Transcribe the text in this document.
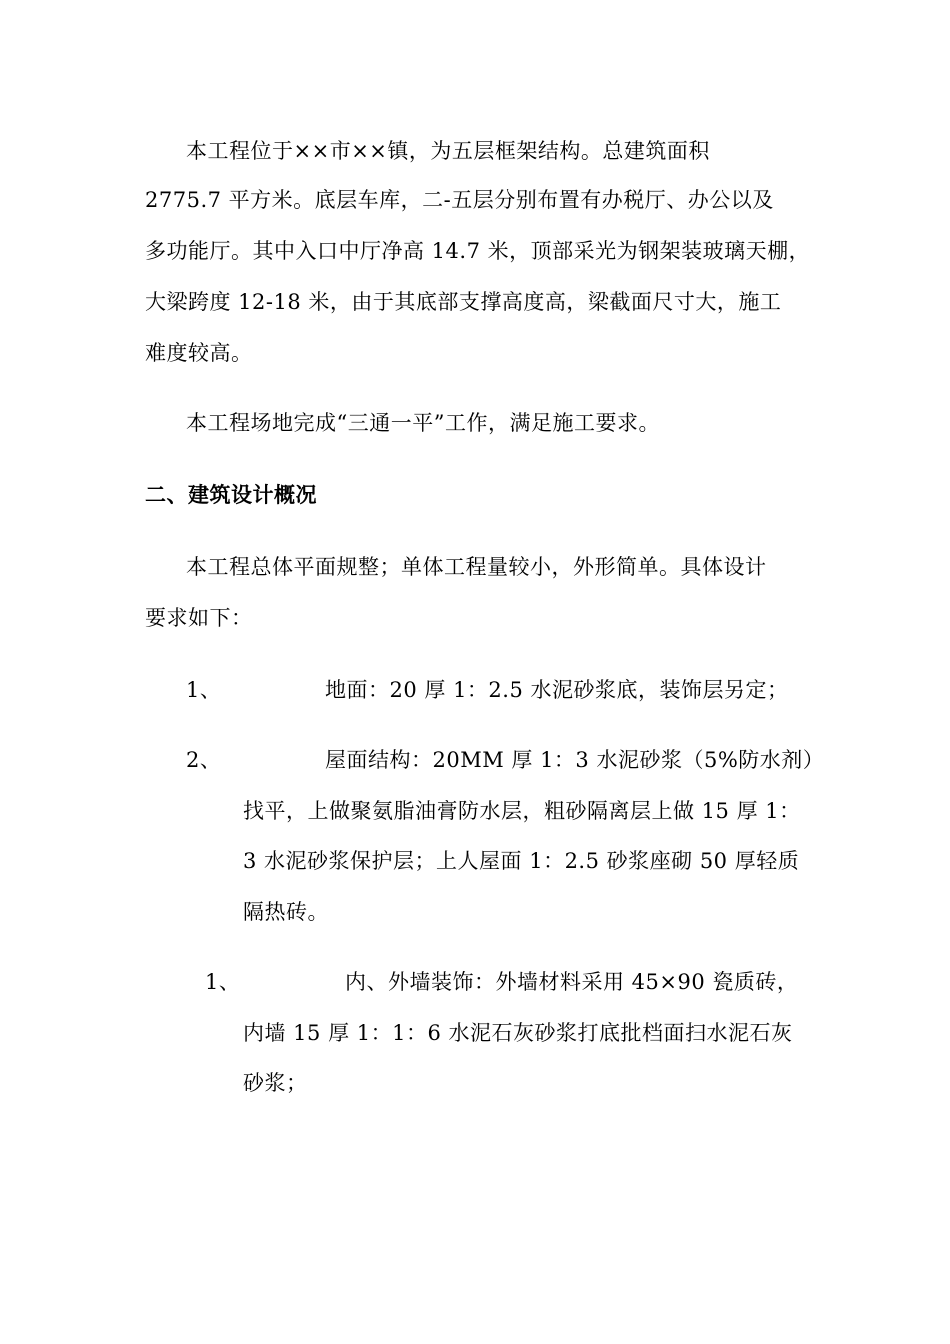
本工程位于××市××镇，为五层框架结构。总建筑面积
2775.7 平方米。底层车库，二-五层分别布置有办税厅、办公以及
多功能厅。其中入口中厅净高 14.7 米，顶部采光为钢架装玻璃天棚，
大梁跨度 12-18 米，由于其底部支撑高度高，梁截面尺寸大，施工
难度较高。
本工程场地完成“三通一平”工作，满足施工要求。
二、建筑设计概况
本工程总体平面规整；单体工程量较小，外形简单。具体设计
要求如下：
1、	地面：20 厚 1：2.5 水泥砂浆底，装饰层另定；
2、	屋面结构：20MM 厚 1：3 水泥砂浆（5%防水剂）
找平，上做聚氨脂油膏防水层，粗砂隔离层上做 15 厚 1：
3 水泥砂浆保护层；上人屋面 1：2.5 砂浆座砌 50 厚轻质
隔热砖。
1、	内、外墙装饰：外墙材料采用 45×90 瓷质砖，
内墙 15 厚 1：1：6 水泥石灰砂浆打底批档面扫水泥石灰
砂浆；
